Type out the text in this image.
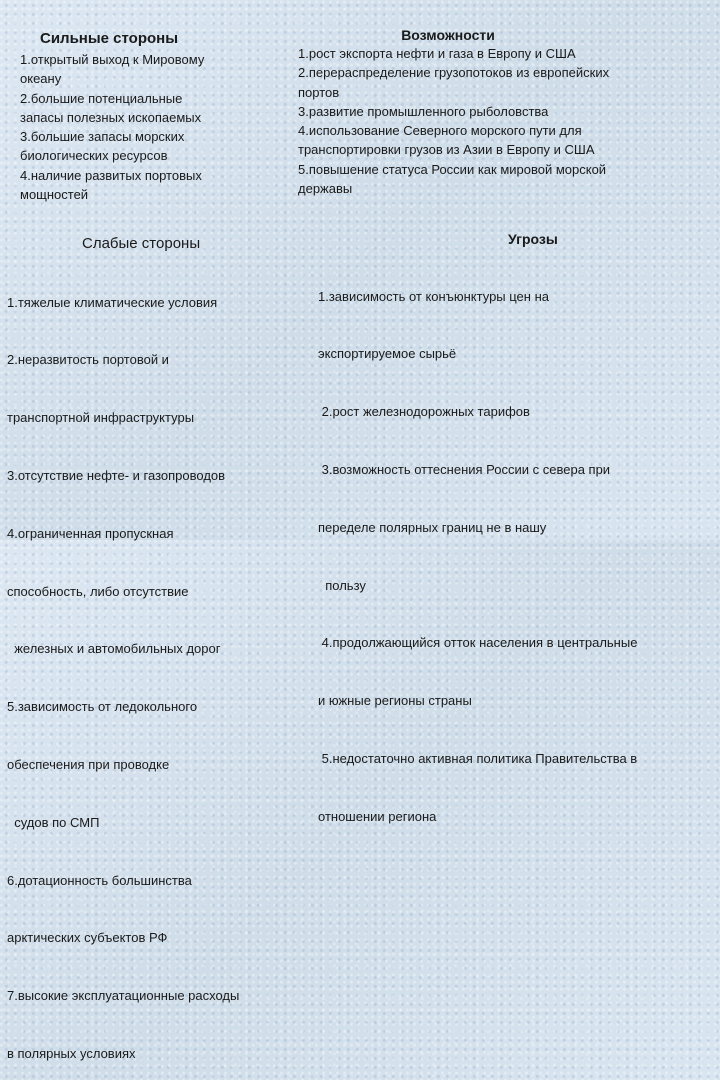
Сильные стороны
1.открытый выход к Мировому
океану
2.большие потенциальные
запасы полезных ископаемых
3.большие запасы морских
биологических ресурсов
4.наличие развитых портовых
мощностей
Возможности
1.рост экспорта нефти и газа в Европу и США
2.перераспределение грузопотоков из европейских
портов
3.развитие промышленного рыболовства
4.использование Северного морского пути для
транспортировки грузов из Азии в Европу и США
5.повышение статуса России как мировой морской
державы
Слабые стороны

1.тяжелые климатические условия

2.неразвитость портовой и

транспортной инфраструктуры

3.отсутствие нефте- и газопроводов

4.ограниченная пропускная

способность, либо отсутствие

железных и автомобильных дорог

5.зависимость от ледокольного

обеспечения при проводке

судов по СМП

6.дотационность большинства

арктических субъектов РФ

7.высокие эксплуатационные расходы

в полярных условиях

Угрозы

1.зависимость от конъюнктуры цен на

экспортируемое сырьё

2.рост железнодорожных тарифов

3.возможность оттеснения России с севера при

переделе полярных границ не в нашу

пользу

4.продолжающийся отток населения в центральные

и южные регионы страны

5.недостаточно активная политика Правительства в

отношении региона
